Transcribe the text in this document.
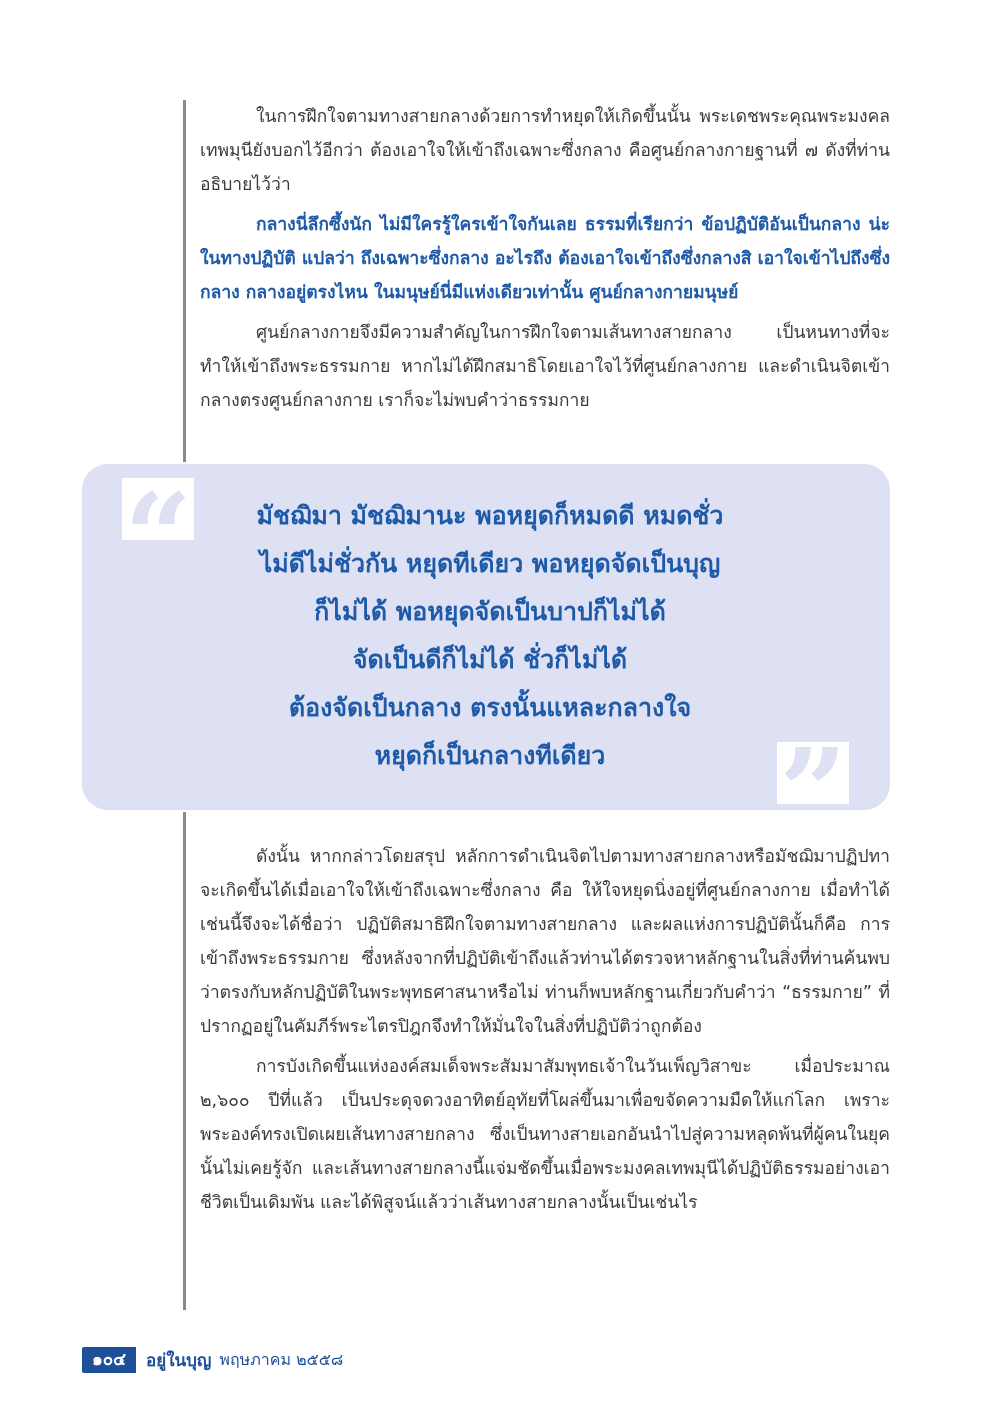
ในการฝึกใจตามทางสายกลางด้วยการทำหยุดให้เกิดขึ้นนั้น พระเดชพระคุณพระมงคลเทพมุนียังบอกไว้อีกว่า ต้องเอาใจให้เข้าถึงเฉพาะซึ่งกลาง คือศูนย์กลางกายฐานที่ ๗ ดังที่ท่านอธิบายไว้ว่า

กลางนี่ลึกซึ้งนัก ไม่มีใครรู้ใครเข้าใจกันเลย ธรรมที่เรียกว่า ข้อปฏิบัติอันเป็นกลาง น่ะ ในทางปฏิบัติ แปลว่า ถึงเฉพาะซึ่งกลาง อะไรถึง ต้องเอาใจเข้าถึงซึ่งกลางสิ เอาใจเข้าไปถึงซึ่งกลาง กลางอยู่ตรงไหน ในมนุษย์นี่มีแห่งเดียวเท่านั้น ศูนย์กลางกายมนุษย์

ศูนย์กลางกายจึงมีความสำคัญในการฝึกใจตามเส้นทางสายกลาง เป็นหนทางที่จะทำให้เข้าถึงพระธรรมกาย หากไม่ได้ฝึกสมาธิโดยเอาใจไว้ที่ศูนย์กลางกาย และดำเนินจิตเข้ากลางตรงศูนย์กลางกาย เราก็จะไม่พบคำว่าธรรมกาย

“
”
มัชฌิมา มัชฌิมานะ พอหยุดก็หมดดี หมดชั่ว
ไม่ดีไม่ชั่วกัน หยุดทีเดียว พอหยุดจัดเป็นบุญ
ก็ไม่ได้ พอหยุดจัดเป็นบาปก็ไม่ได้
จัดเป็นดีก็ไม่ได้ ชั่วก็ไม่ได้
ต้องจัดเป็นกลาง ตรงนั้นแหละกลางใจ
หยุดก็เป็นกลางทีเดียว

ดังนั้น หากกล่าวโดยสรุป หลักการดำเนินจิตไปตามทางสายกลางหรือมัชฌิมาปฏิปทาจะเกิดขึ้นได้เมื่อเอาใจให้เข้าถึงเฉพาะซึ่งกลาง คือ ให้ใจหยุดนิ่งอยู่ที่ศูนย์กลางกาย เมื่อทำได้เช่นนี้จึงจะได้ชื่อว่า ปฏิบัติสมาธิฝึกใจตามทางสายกลาง และผลแห่งการปฏิบัตินั้นก็คือ การเข้าถึงพระธรรมกาย ซึ่งหลังจากที่ปฏิบัติเข้าถึงแล้วท่านได้ตรวจหาหลักฐานในสิ่งที่ท่านค้นพบว่าตรงกับหลักปฏิบัติในพระพุทธศาสนาหรือไม่ ท่านก็พบหลักฐานเกี่ยวกับคำว่า “ธรรมกาย” ที่ปรากฏอยู่ในคัมภีร์พระไตรปิฎกจึงทำให้มั่นใจในสิ่งที่ปฏิบัติว่าถูกต้อง

การบังเกิดขึ้นแห่งองค์สมเด็จพระสัมมาสัมพุทธเจ้าในวันเพ็ญวิสาขะ เมื่อประมาณ ๒,๖๐๐ ปีที่แล้ว เป็นประดุจดวงอาทิตย์อุทัยที่โผล่ขึ้นมาเพื่อขจัดความมืดให้แก่โลก เพราะพระองค์ทรงเปิดเผยเส้นทางสายกลาง ซึ่งเป็นทางสายเอกอันนำไปสู่ความหลุดพ้นที่ผู้คนในยุคนั้นไม่เคยรู้จัก และเส้นทางสายกลางนี้แจ่มชัดขึ้นเมื่อพระมงคลเทพมุนีได้ปฏิบัติธรรมอย่างเอาชีวิตเป็นเดิมพัน และได้พิสูจน์แล้วว่าเส้นทางสายกลางนั้นเป็นเช่นไร

๑๐๔	อยู่ในบุญ พฤษภาคม ๒๕๕๘
